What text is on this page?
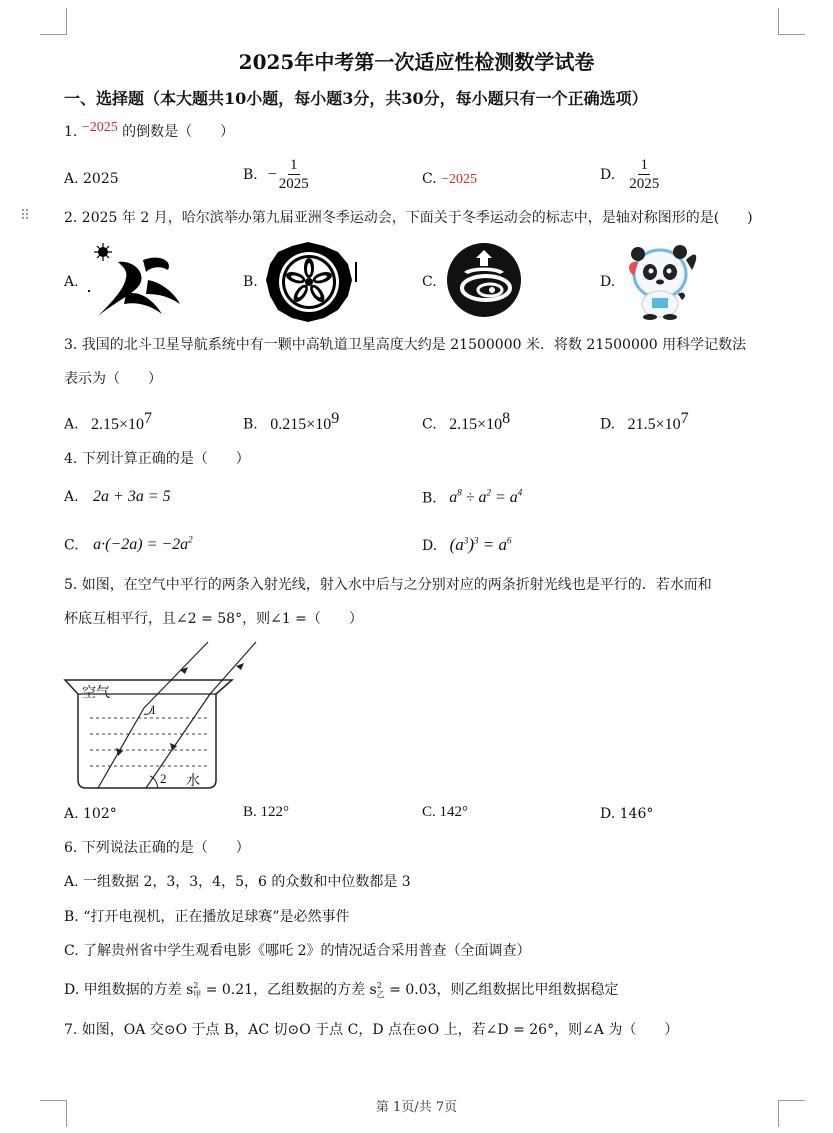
⠿
2025年中考第一次适应性检测数学试卷
一、选择题（本大题共10小题，每小题3分，共30分，每小题只有一个正确选项）
1. −2025 的倒数是（　　）
A. 2025	B. − $\frac{1}{2025}$	C. −2025	D. $\frac{1}{2025}$
2. 2025 年 2 月，哈尔滨举办第九届亚洲冬季运动会，下面关于冬季运动会的标志中，是轴对称图形的是(　　)
A.	B.	C.	D.
3. 我国的北斗卫星导航系统中有一颗中高轨道卫星高度大约是 21500000 米．将数 21500000 用科学记数法
表示为（　　）
A. $2.15\times 10^7$	B. $0.215\times 10^9$	C. $2.15\times 10^8$	D. $21.5\times 10^7$
4. 下列计算正确的是（　　）
A. 2a + 3a = 5	B. $a^8 \div a^2 = a^4$
C. $a\cdot(-2a) = -2a^2$	D. $(a^3)^3 = a^6$
5. 如图，在空气中平行的两条入射光线，射入水中后与之分别对应的两条折射光线也是平行的．若水而和
杯底互相平行，且∠2 = 58°，则∠1 =（　　）
空气
1
2 水
A. 102°	B. 122°	C. 142°	D. 146°
6. 下列说法正确的是（　　）
A. 一组数据 2，3，3，4，5，6 的众数和中位数都是 3
B. “打开电视机，正在播放足球赛”是必然事件
C. 了解贵州省中学生观看电影《哪吒 2》的情况适合采用普查（全面调查）
D. 甲组数据的方差 s 2
甲 = 0.21，乙组数据的方差 s 2
乙 = 0.03，则乙组数据比甲组数据稳定
7. 如图，OA 交⊙O 于点 B，AC 切⊙O 于点 C，D 点在⊙O 上，若∠D = 26°，则∠A 为（　　）
第 1页/共 7页
